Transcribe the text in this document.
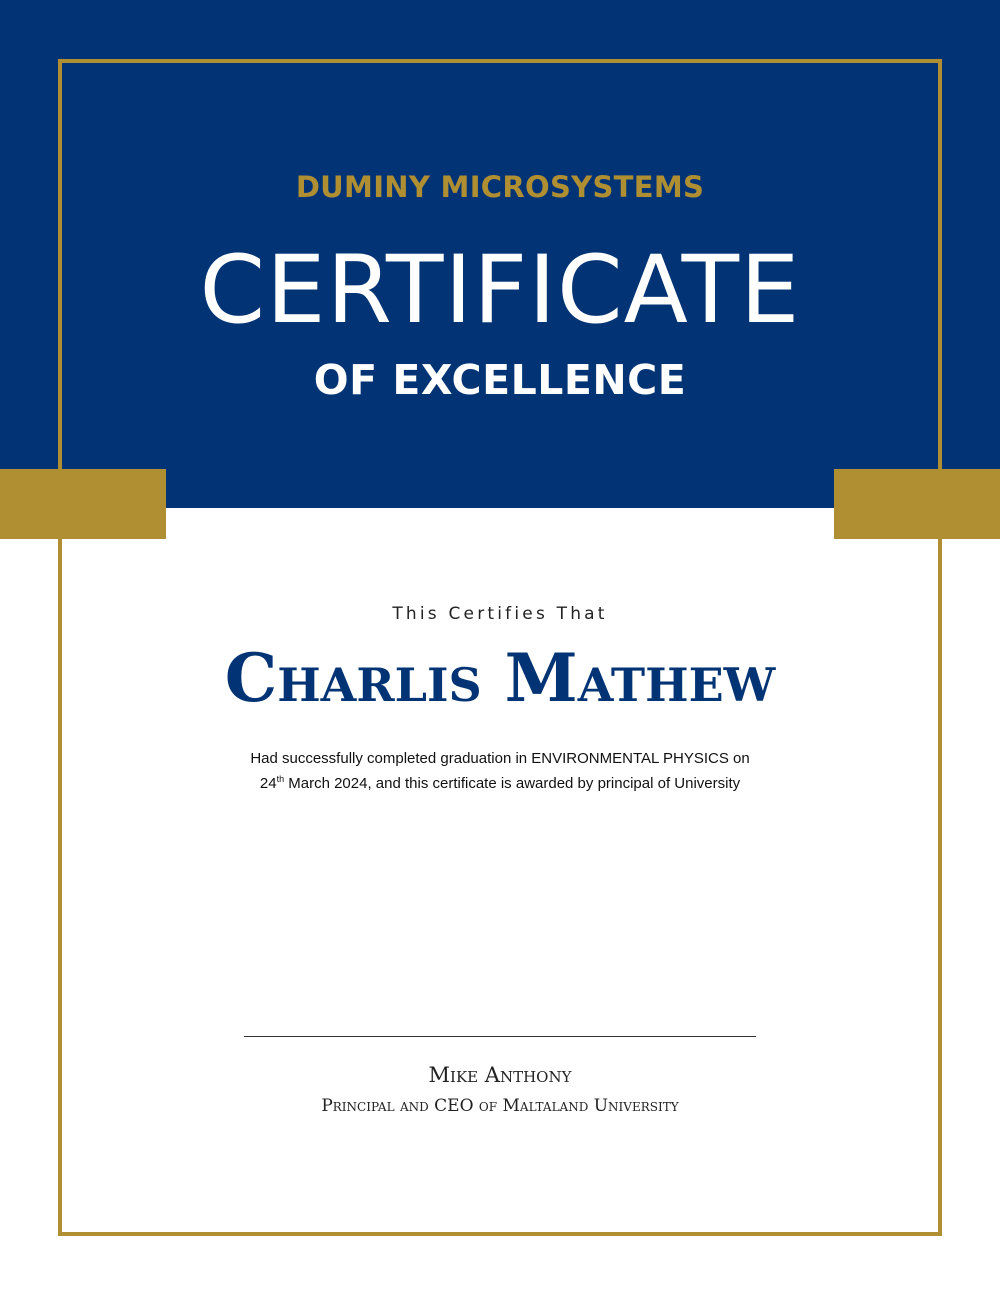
DUMINY MICROSYSTEMS
CERTIFICATE
OF EXCELLENCE
This Certifies That
Charlis Mathew
Had successfully completed graduation in ENVIRONMENTAL PHYSICS on
24th March 2024, and this certificate is awarded by principal of University
Mike Anthony
Principal and CEO of Maltaland University
